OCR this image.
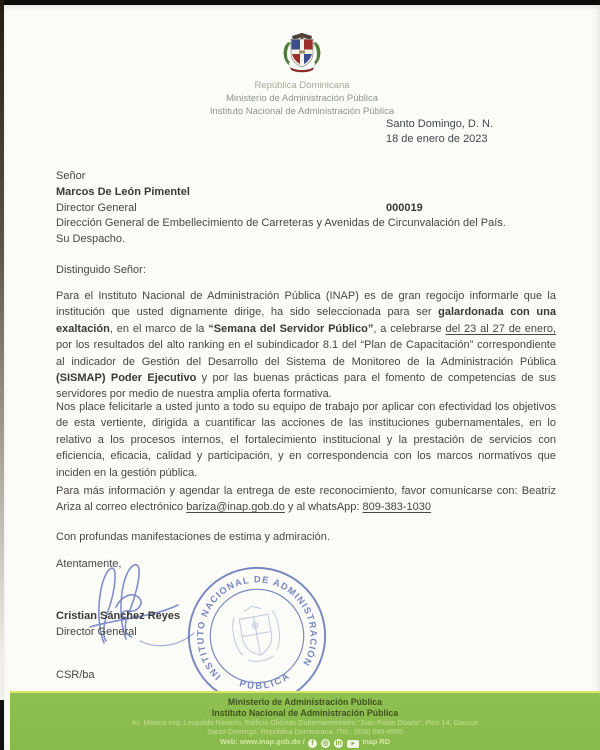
República Dominicana
Ministerio de Administración Pública
Instituto Nacional de Administración Pública
Santo Domingo, D. N.
18 de enero de 2023
Señor
Marcos De León Pimentel
Director General	000019
Dirección General de Embellecimiento de Carreteras y Avenidas de Circunvalación del País.
Su Despacho.
Distinguido Señor:

Para el Instituto Nacional de Administración Pública (INAP) es de gran regocijo informarle que la institución que usted dignamente dirige, ha sido seleccionada para ser galardonada con una exaltación, en el marco de la “Semana del Servidor Público”, a celebrarse del 23 al 27 de enero, por los resultados del alto ranking en el subindicador 8.1 del “Plan de Capacitación” correspondiente al indicador de Gestión del Desarrollo del Sistema de Monitoreo de la Administración Pública (SISMAP) Poder Ejecutivo y por las buenas prácticas para el fomento de competencias de sus servidores por medio de nuestra amplia oferta formativa.

Nos place felicitarle a usted junto a todo su equipo de trabajo por aplicar con efectividad los objetivos de esta vertiente, dirigida a cuantificar las acciones de las instituciones gubernamentales, en lo relativo a los procesos internos, el fortalecimiento institucional y la prestación de servicios con eficiencia, eficacia, calidad y participación, y en correspondencia con los marcos normativos que inciden en la gestión pública.

Para más información y agendar la entrega de este reconocimiento, favor comunicarse con: Beatriz Ariza al correo electrónico bariza@inap.gob.do y al whatsApp: 809-383-1030

Con profundas manifestaciones de estima y admiración.
Atentamente,
Cristian Sánchez Reyes
Director General
CSR/ba	INSTITUTO NACIONAL DE ADMINISTRACIÓN
PÚBLICA
Ministerio de Administración Pública
Instituto Nacional de Administración Pública
Av. México esq. Leopoldo Navarro, Edificio Oficinas Gubernamentales “Juan Pablo Duarte”, Piso 14, Gascue
Santo Domingo, República Dominicana. /Tel.: (809) 689-8955
Web: www.inap.gob.do / f ◎ in ▸ Inap RD
